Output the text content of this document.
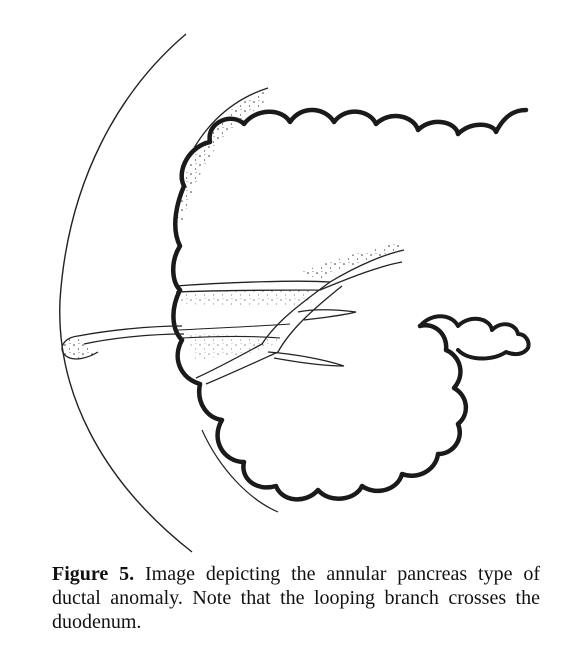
Figure 5. Image depicting the annular pancreas type of ductal anomaly. Note that the looping branch crosses the duodenum.
